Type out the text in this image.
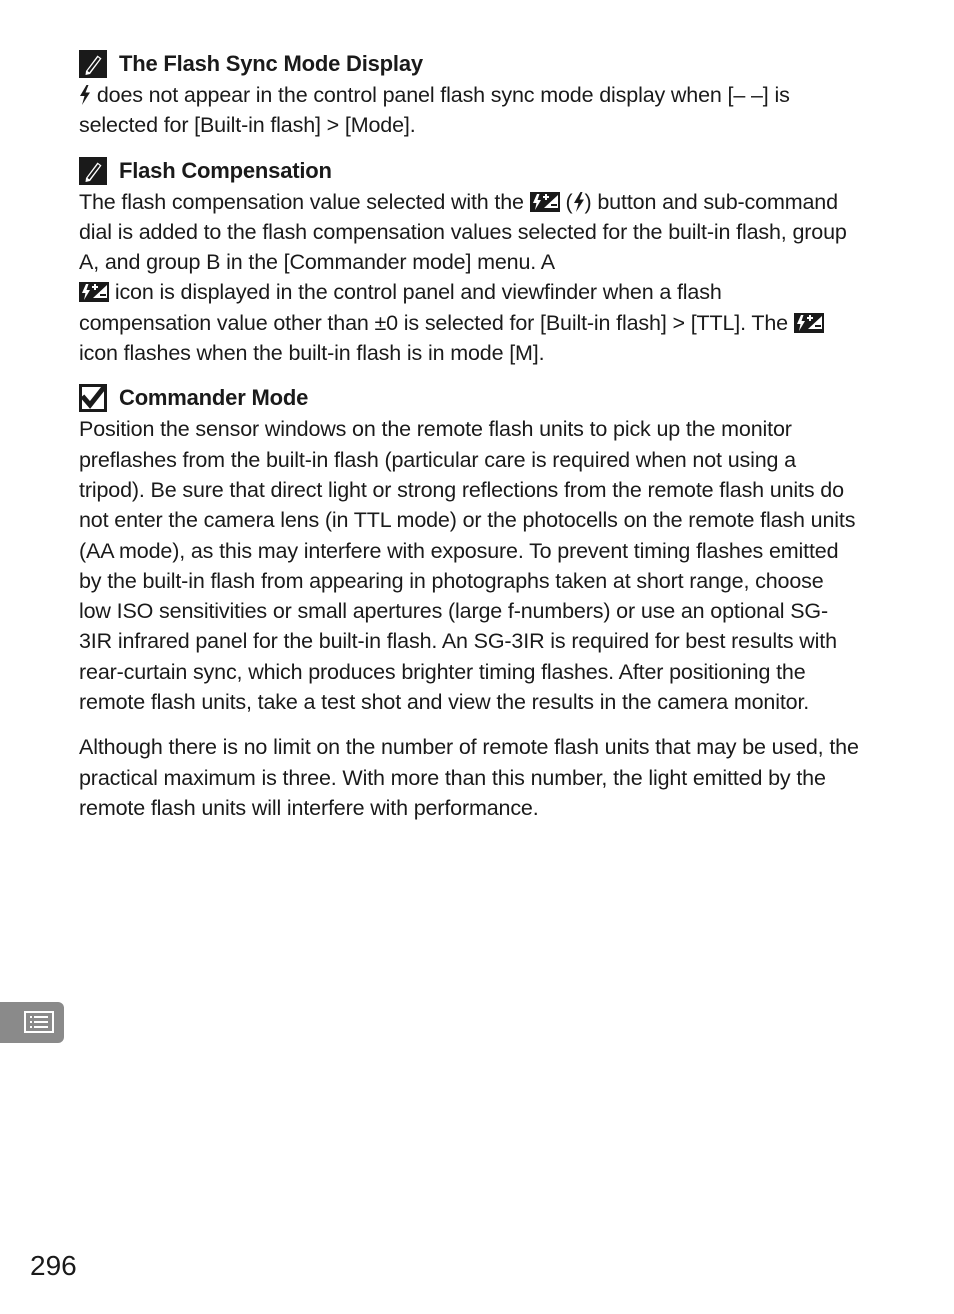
The Flash Sync Mode Display

does not appear in the control panel flash sync mode display when [– –] is selected for [Built-in flash] > [Mode].

Flash Compensation

The flash compensation value selected with the ( ) button and sub-command dial is added to the flash compensation values selected for the built-in flash, group A, and group B in the [Commander mode] menu. A
icon is displayed in the control panel and viewfinder when a flash compensation value other than ±0 is selected for [Built-in flash] > [TTL]. The  icon flashes when the built-in flash is in mode [M].

Commander Mode

Position the sensor windows on the remote flash units to pick up the monitor preflashes from the built-in flash (particular care is required when not using a tripod). Be sure that direct light or strong reflections from the remote flash units do not enter the camera lens (in TTL mode) or the photocells on the remote flash units (AA mode), as this may interfere with exposure. To prevent timing flashes emitted by the built-in flash from appearing in photographs taken at short range, choose low ISO sensitivities or small apertures (large f-numbers) or use an optional SG-3IR infrared panel for the built-in flash. An SG-3IR is required for best results with rear-curtain sync, which produces brighter timing flashes. After positioning the remote flash units, take a test shot and view the results in the camera monitor.

Although there is no limit on the number of remote flash units that may be used, the practical maximum is three. With more than this number, the light emitted by the remote flash units will interfere with performance.

296
